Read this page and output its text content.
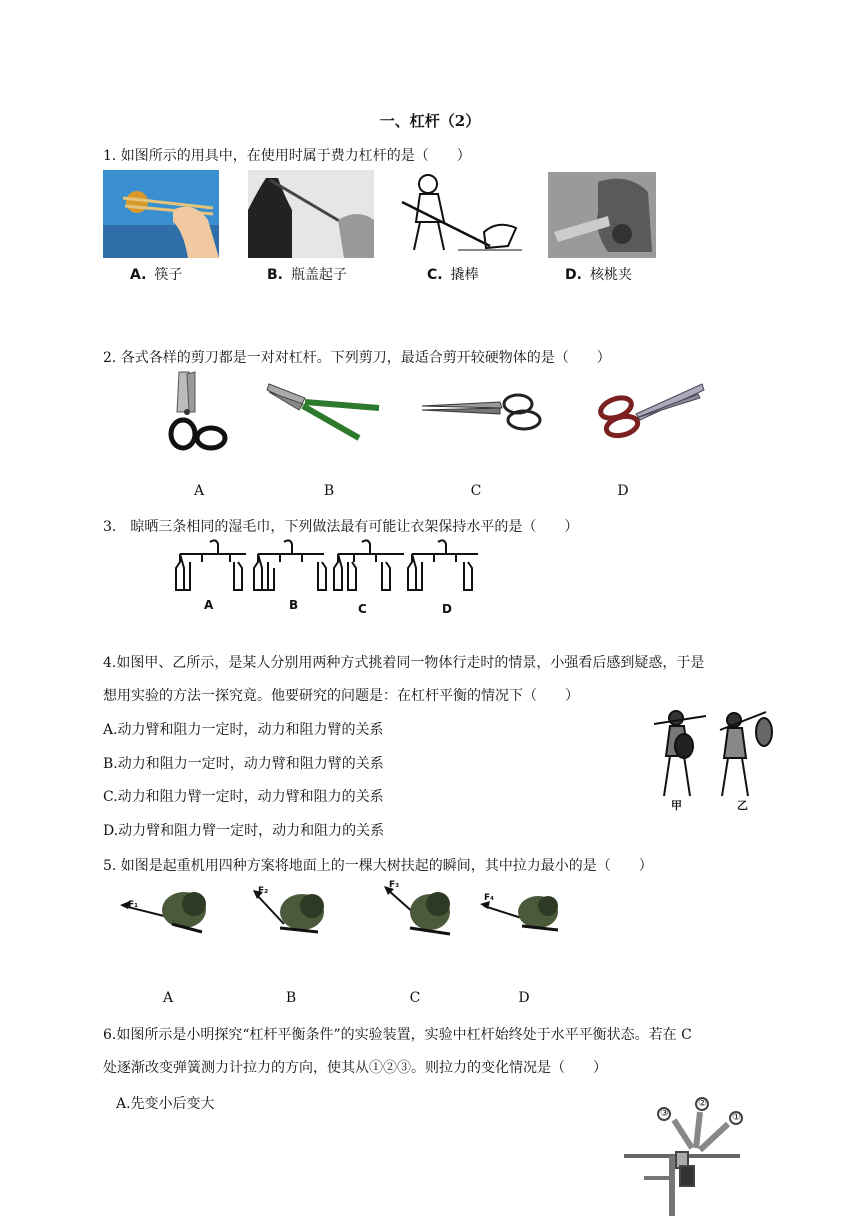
一、杠杆（2）
1. 如图所示的用具中，在使用时属于费力杠杆的是（　　）
A. 筷子	B. 瓶盖起子	C. 撬棒	D. 核桃夹
2. 各式各样的剪刀都是一对对杠杆。下列剪刀，最适合剪开较硬物体的是（　　）
A	B	C	D
3.　晾晒三条相同的湿毛巾，下列做法最有可能让衣架保持水平的是（　　）
A	B	C	D
4.如图甲、乙所示，是某人分别用两种方式挑着同一物体行走时的情景，小强看后感到疑惑，于是
想用实验的方法一探究竟。他要研究的问题是：在杠杆平衡的情况下（　　）
A.动力臂和阻力一定时，动力和阻力臂的关系
B.动力和阻力一定时，动力臂和阻力臂的关系
C.动力和阻力臂一定时，动力臂和阻力的关系
D.动力臂和阻力臂一定时，动力和阻力的关系
甲	乙
5. 如图是起重机用四种方案将地面上的一棵大树扶起的瞬间，其中拉力最小的是（　　）
F₁
F₂
F₃
F₄
A	B	C	D
6.如图所示是小明探究“杠杆平衡条件”的实验装置，实验中杠杆始终处于水平平衡状态。若在 C
处逐渐改变弹簧测力计拉力的方向，使其从①②③。则拉力的变化情况是（　　）
A.先变小后变大
③
②
①
